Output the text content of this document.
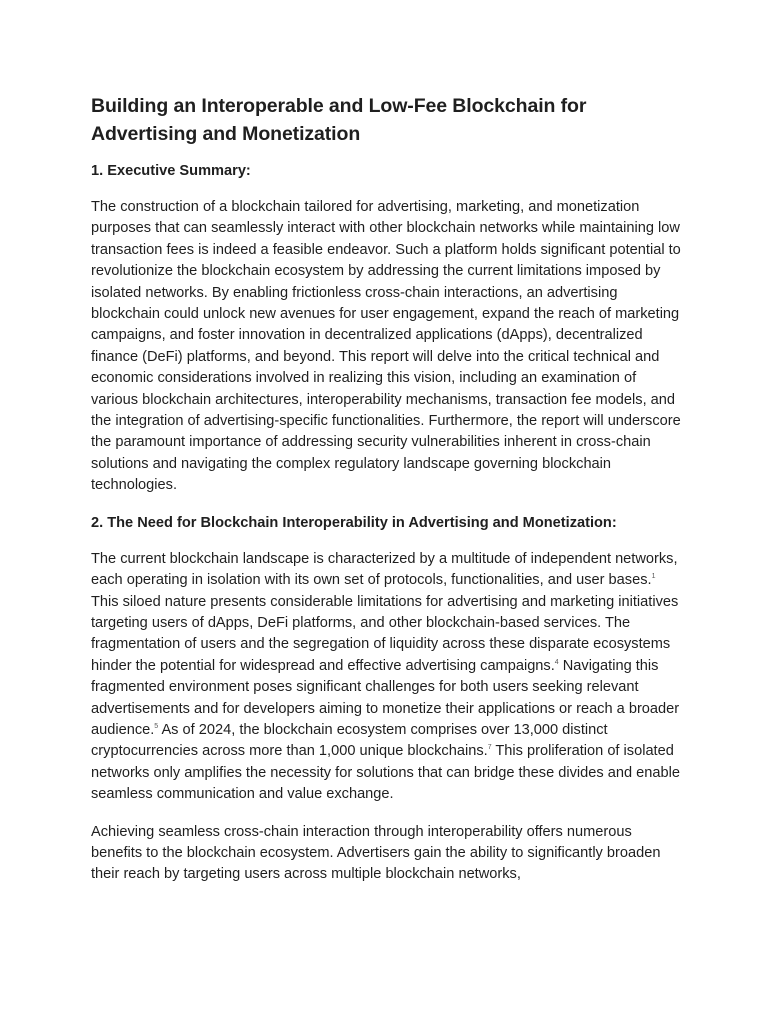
Building an Interoperable and Low-Fee Blockchain for Advertising and Monetization
1. Executive Summary:

The construction of a blockchain tailored for advertising, marketing, and monetization purposes that can seamlessly interact with other blockchain networks while maintaining low transaction fees is indeed a feasible endeavor. Such a platform holds significant potential to revolutionize the blockchain ecosystem by addressing the current limitations imposed by isolated networks. By enabling frictionless cross-chain interactions, an advertising blockchain could unlock new avenues for user engagement, expand the reach of marketing campaigns, and foster innovation in decentralized applications (dApps), decentralized finance (DeFi) platforms, and beyond. This report will delve into the critical technical and economic considerations involved in realizing this vision, including an examination of various blockchain architectures, interoperability mechanisms, transaction fee models, and the integration of advertising-specific functionalities. Furthermore, the report will underscore the paramount importance of addressing security vulnerabilities inherent in cross-chain solutions and navigating the complex regulatory landscape governing blockchain technologies.

2. The Need for Blockchain Interoperability in Advertising and Monetization:

The current blockchain landscape is characterized by a multitude of independent networks, each operating in isolation with its own set of protocols, functionalities, and user bases.$^1$ This siloed nature presents considerable limitations for advertising and marketing initiatives targeting users of dApps, DeFi platforms, and other blockchain-based services. The fragmentation of users and the segregation of liquidity across these disparate ecosystems hinder the potential for widespread and effective advertising campaigns.$^4$ Navigating this fragmented environment poses significant challenges for both users seeking relevant advertisements and for developers aiming to monetize their applications or reach a broader audience.$^5$ As of 2024, the blockchain ecosystem comprises over 13,000 distinct cryptocurrencies across more than 1,000 unique blockchains.$^7$ This proliferation of isolated networks only amplifies the necessity for solutions that can bridge these divides and enable seamless communication and value exchange.

Achieving seamless cross-chain interaction through interoperability offers numerous benefits to the blockchain ecosystem. Advertisers gain the ability to significantly broaden their reach by targeting users across multiple blockchain networks,
